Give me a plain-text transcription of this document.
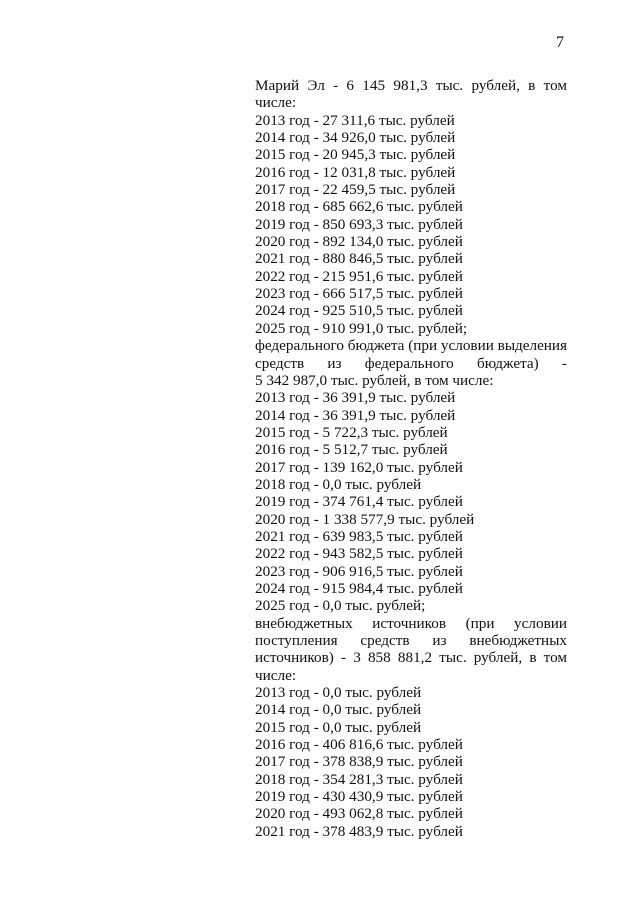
7
Марий Эл - 6 145 981,3 тыс. рублей, в том
числе:
2013 год - 27 311,6 тыс. рублей
2014 год - 34 926,0 тыс. рублей
2015 год - 20 945,3 тыс. рублей
2016 год - 12 031,8 тыс. рублей
2017 год - 22 459,5 тыс. рублей
2018 год - 685 662,6 тыс. рублей
2019 год - 850 693,3 тыс. рублей
2020 год - 892 134,0 тыс. рублей
2021 год - 880 846,5 тыс. рублей
2022 год - 215 951,6 тыс. рублей
2023 год - 666 517,5 тыс. рублей
2024 год - 925 510,5 тыс. рублей
2025 год - 910 991,0 тыс. рублей;
федерального бюджета (при условии выделения
средств из федерального бюджета) -
5 342 987,0 тыс. рублей, в том числе:
2013 год - 36 391,9 тыс. рублей
2014 год - 36 391,9 тыс. рублей
2015 год - 5 722,3 тыс. рублей
2016 год - 5 512,7 тыс. рублей
2017 год - 139 162,0 тыс. рублей
2018 год - 0,0 тыс. рублей
2019 год - 374 761,4 тыс. рублей
2020 год - 1 338 577,9 тыс. рублей
2021 год - 639 983,5 тыс. рублей
2022 год - 943 582,5 тыс. рублей
2023 год - 906 916,5 тыс. рублей
2024 год - 915 984,4 тыс. рублей
2025 год - 0,0 тыс. рублей;
внебюджетных источников (при условии
поступления средств из внебюджетных
источников) - 3 858 881,2 тыс. рублей, в том
числе:
2013 год - 0,0 тыс. рублей
2014 год - 0,0 тыс. рублей
2015 год - 0,0 тыс. рублей
2016 год - 406 816,6 тыс. рублей
2017 год - 378 838,9 тыс. рублей
2018 год - 354 281,3 тыс. рублей
2019 год - 430 430,9 тыс. рублей
2020 год - 493 062,8 тыс. рублей
2021 год - 378 483,9 тыс. рублей
